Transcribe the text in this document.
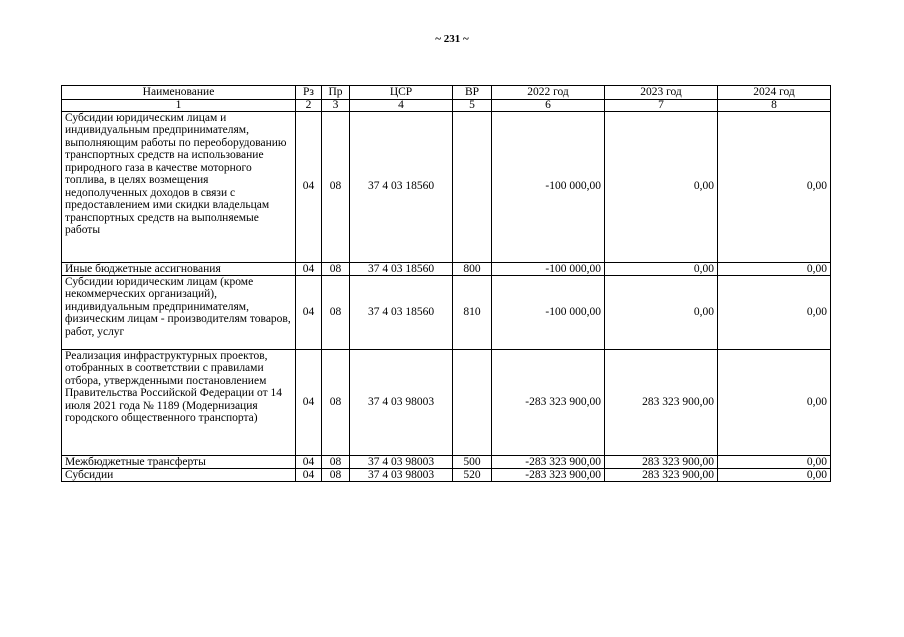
~ 231 ~
Наименование	Рз	Пр	ЦСР	ВР	2022 год	2023 год	2024 год
1	2	3	4	5	6	7	8
Субсидии юридическим лицам и индивидуальным предпринимателям, выполняющим работы по переоборудованию транспортных средств на использование природного газа в качестве моторного топлива, в целях возмещения недополученных доходов в связи с предоставлением ими скидки владельцам транспортных средств на выполняемые работы	04	08	37 4 03 18560		-100 000,00	0,00	0,00
Иные бюджетные ассигнования	04	08	37 4 03 18560	800	-100 000,00	0,00	0,00
Субсидии юридическим лицам (кроме некоммерческих организаций), индивидуальным предпринимателям, физическим лицам - производителям товаров, работ, услуг	04	08	37 4 03 18560	810	-100 000,00	0,00	0,00
Реализация инфраструктурных проектов, отобранных в соответствии с правилами отбора, утвержденными постановлением Правительства Российской Федерации от 14 июля 2021 года № 1189 (Модернизация городского общественного транспорта)	04	08	37 4 03 98003		-283 323 900,00	283 323 900,00	0,00
Межбюджетные трансферты	04	08	37 4 03 98003	500	-283 323 900,00	283 323 900,00	0,00
Субсидии	04	08	37 4 03 98003	520	-283 323 900,00	283 323 900,00	0,00
